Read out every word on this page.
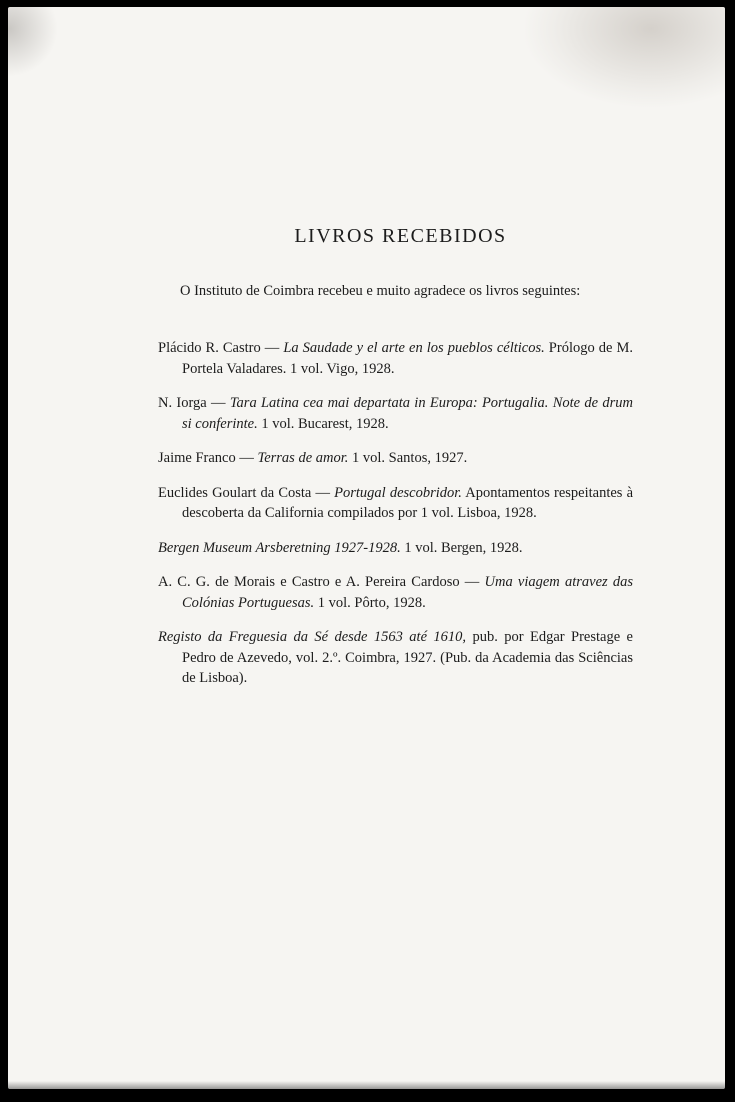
LIVROS RECEBIDOS

O Instituto de Coimbra recebeu e muito agradece os livros seguintes:

Plácido R. Castro — La Saudade y el arte en los pueblos célticos. Prólogo de M. Portela Valadares. 1 vol. Vigo, 1928.
N. Iorga — Tara Latina cea mai departata in Europa: Portugalia. Note de drum si conferinte. 1 vol. Bucarest, 1928.
Jaime Franco — Terras de amor. 1 vol. Santos, 1927.
Euclides Goulart da Costa — Portugal descobridor. Apontamentos respeitantes à descoberta da California compilados por 1 vol. Lisboa, 1928.
Bergen Museum Arsberetning 1927-1928. 1 vol. Bergen, 1928.
A. C. G. de Morais e Castro e A. Pereira Cardoso — Uma viagem atravez das Colónias Portuguesas. 1 vol. Pôrto, 1928.
Registo da Freguesia da Sé desde 1563 até 1610, pub. por Edgar Prestage e Pedro de Azevedo, vol. 2.º. Coimbra, 1927. (Pub. da Academia das Sciências de Lisboa).
